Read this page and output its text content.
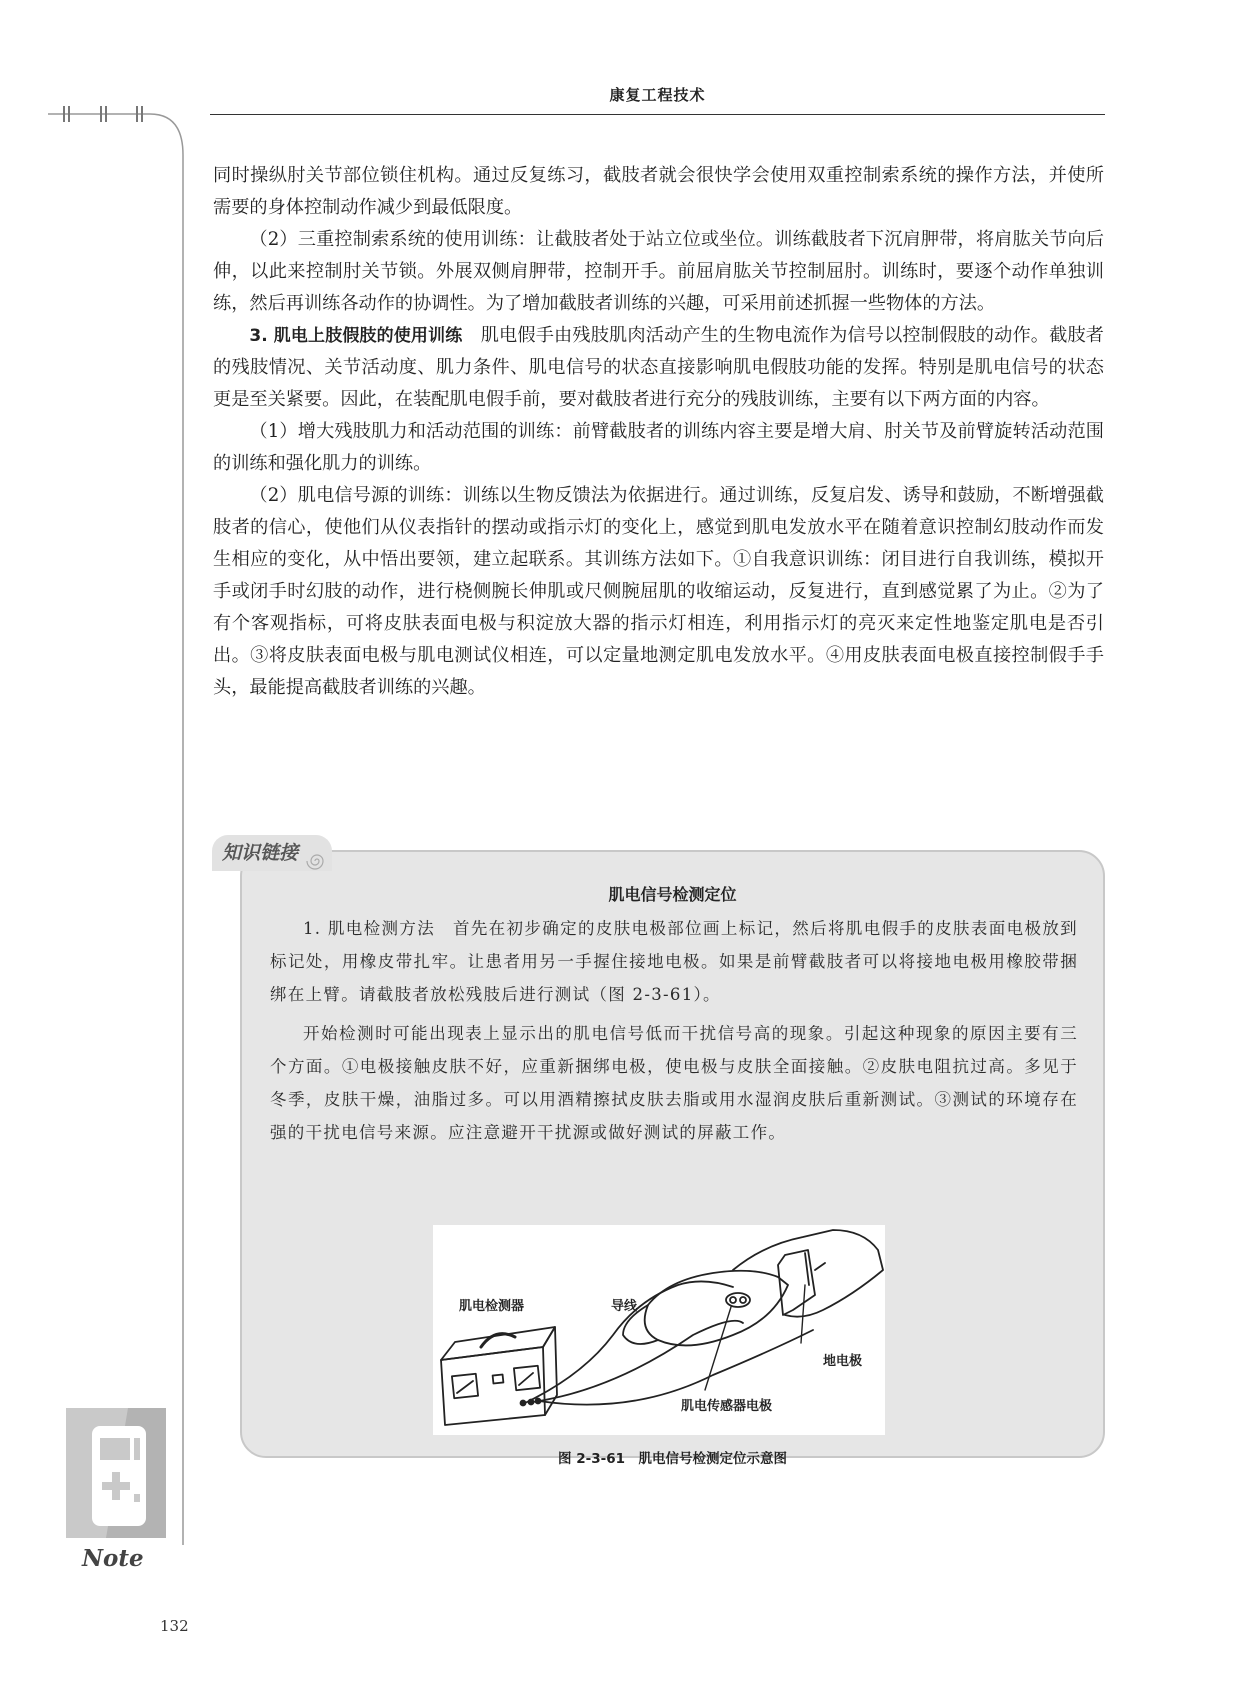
康复工程技术

同时操纵肘关节部位锁住机构。通过反复练习，截肢者就会很快学会使用双重控制索系统的操作方法，并使所需要的身体控制动作减少到最低限度。

（2）三重控制索系统的使用训练：让截肢者处于站立位或坐位。训练截肢者下沉肩胛带，将肩肱关节向后伸，以此来控制肘关节锁。外展双侧肩胛带，控制开手。前屈肩肱关节控制屈肘。训练时，要逐个动作单独训练，然后再训练各动作的协调性。为了增加截肢者训练的兴趣，可采用前述抓握一些物体的方法。

3. 肌电上肢假肢的使用训练　肌电假手由残肢肌肉活动产生的生物电流作为信号以控制假肢的动作。截肢者的残肢情况、关节活动度、肌力条件、肌电信号的状态直接影响肌电假肢功能的发挥。特别是肌电信号的状态更是至关紧要。因此，在装配肌电假手前，要对截肢者进行充分的残肢训练，主要有以下两方面的内容。

（1）增大残肢肌力和活动范围的训练：前臂截肢者的训练内容主要是增大肩、肘关节及前臂旋转活动范围的训练和强化肌力的训练。

（2）肌电信号源的训练：训练以生物反馈法为依据进行。通过训练，反复启发、诱导和鼓励，不断增强截肢者的信心，使他们从仪表指针的摆动或指示灯的变化上，感觉到肌电发放水平在随着意识控制幻肢动作而发生相应的变化，从中悟出要领，建立起联系。其训练方法如下。①自我意识训练：闭目进行自我训练，模拟开手或闭手时幻肢的动作，进行桡侧腕长伸肌或尺侧腕屈肌的收缩运动，反复进行，直到感觉累了为止。②为了有个客观指标，可将皮肤表面电极与积淀放大器的指示灯相连，利用指示灯的亮灭来定性地鉴定肌电是否引出。③将皮肤表面电极与肌电测试仪相连，可以定量地测定肌电发放水平。④用皮肤表面电极直接控制假手手头，最能提高截肢者训练的兴趣。

知识链接
肌电信号检测定位

1. 肌电检测方法　首先在初步确定的皮肤电极部位画上标记，然后将肌电假手的皮肤表面电极放到标记处，用橡皮带扎牢。让患者用另一手握住接地电极。如果是前臂截肢者可以将接地电极用橡胶带捆绑在上臂。请截肢者放松残肢后进行测试（图 2-3-61）。

开始检测时可能出现表上显示出的肌电信号低而干扰信号高的现象。引起这种现象的原因主要有三个方面。①电极接触皮肤不好，应重新捆绑电极，使电极与皮肤全面接触。②皮肤电阻抗过高。多见于冬季，皮肤干燥，油脂过多。可以用酒精擦拭皮肤去脂或用水湿润皮肤后重新测试。③测试的环境存在强的干扰电信号来源。应注意避开干扰源或做好测试的屏蔽工作。

肌电检测器	导线
地电极
肌电传感器电极
图 2-3-61　肌电信号检测定位示意图
Note
132
